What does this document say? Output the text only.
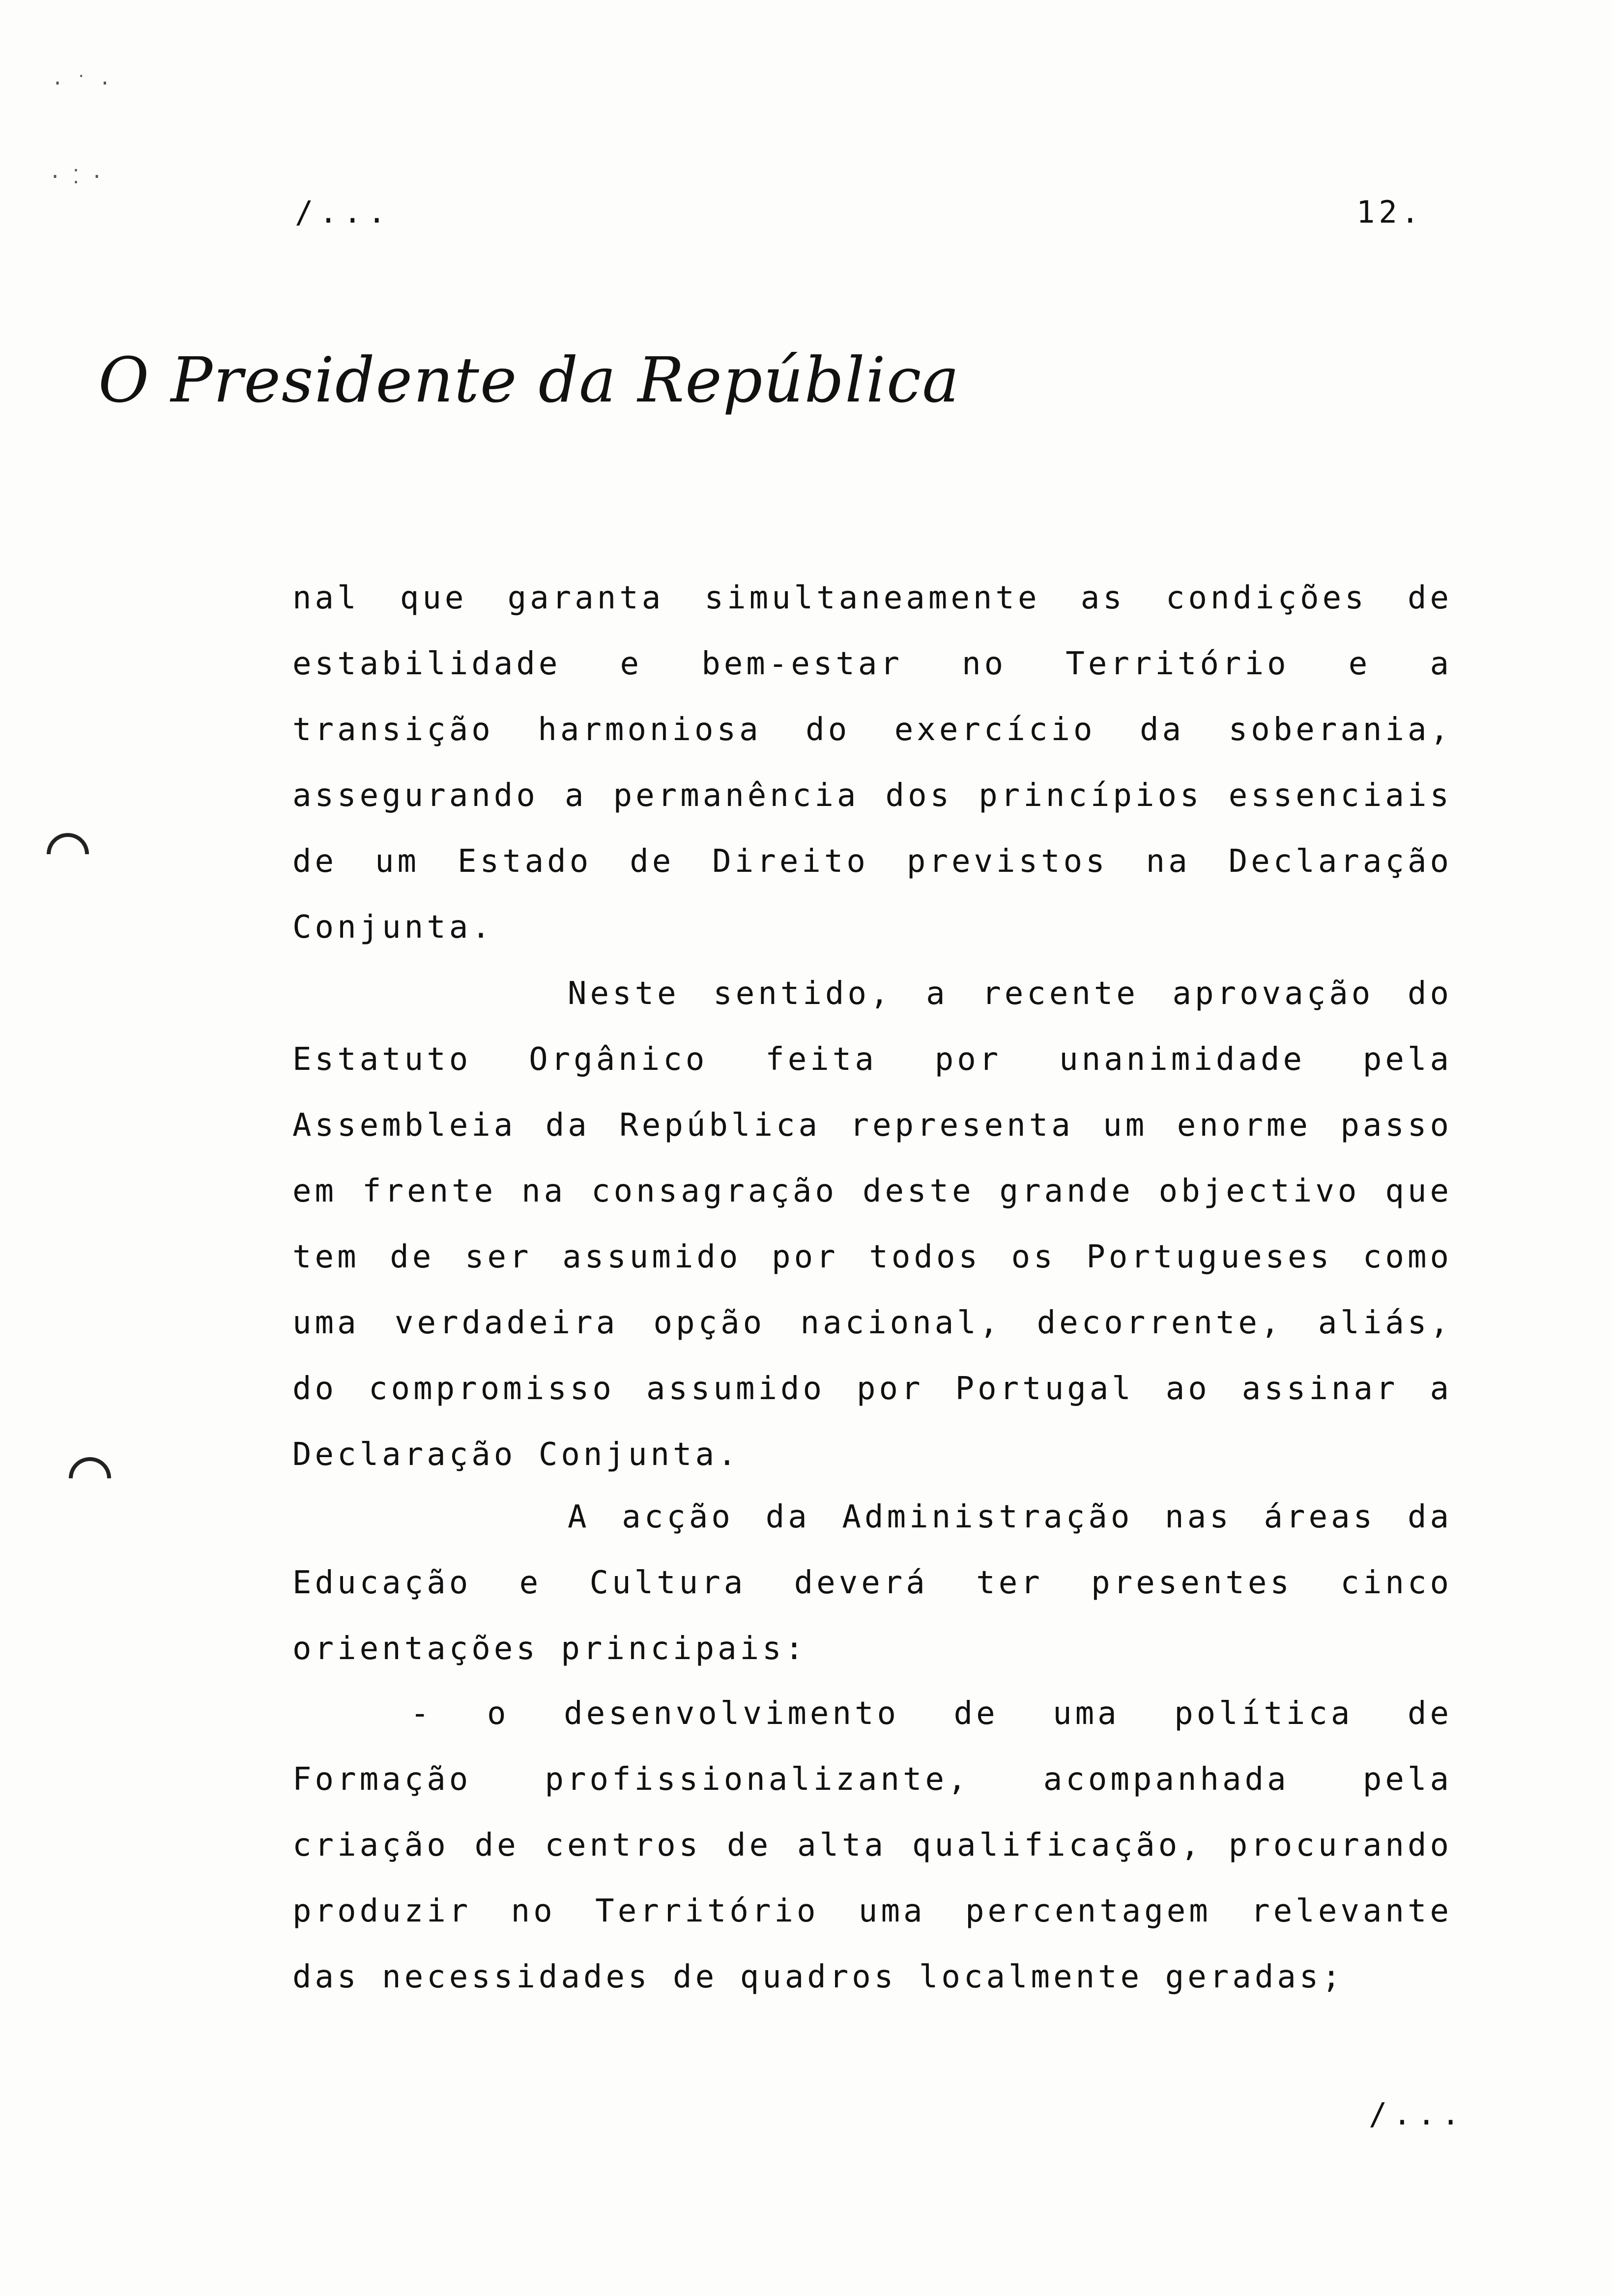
· ˙ ·
· ⁚ ·
/...	12.
O Presidente da República

nal que garanta simultaneamente as condições de estabilidade e bem-estar no Território e a transição harmoniosa do exercício da soberania, assegurando a permanência dos princípios essenciais de um Estado de Direito previstos na Declaração Conjunta.

Neste sentido, a recente aprovação do Estatuto Orgânico feita por unanimidade pela Assembleia da República representa um enorme passo em frente na consagração deste grande objectivo que tem de ser assumido por todos os Portugueses como uma verdadeira opção nacional, decorrente, aliás, do compromisso assumido por Portugal ao assinar a Declaração Conjunta.

A acção da Administração nas áreas da Educação e Cultura deverá ter presentes cinco orientações principais:

- o desenvolvimento de uma política de Formação profissionalizante, acompanhada pela criação de centros de alta qualificação, procurando produzir no Território uma percentagem relevante das necessidades de quadros localmente geradas;

/...
